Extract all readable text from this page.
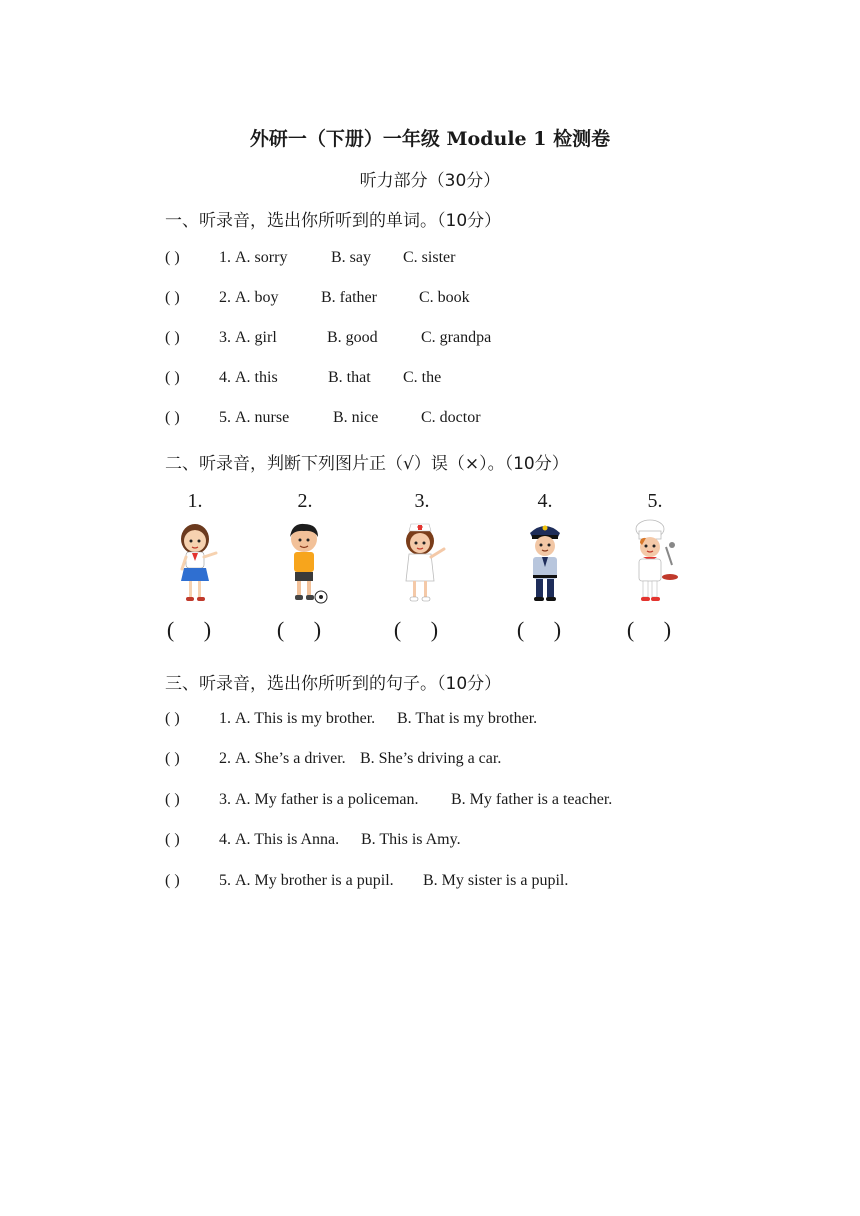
外研一（下册）一年级 Module 1 检测卷
听力部分（30分）
一、听录音，选出你所听到的单词。（10分）
( ) 1. A. sorry	B. say C. sister
( ) 2. A. boy	B. father	C. book
( ) 3. A. girl	B. good	C. grandpa
( ) 4. A. this	B. that C. the
( ) 5. A. nurse	B. nice	C. doctor
二、听录音，判断下列图片正（√）误（×）。（10分）
1.
( )
2.
( )
3.
( )
4.
( )
5.
( )
三、听录音，选出你所听到的句子。（10分）
( ) 1. A. This is my brother. B. That is my brother.
( ) 2. A. She’s a driver. B. She’s driving a car.
( ) 3. A. My father is a policeman. B. My father is a teacher.
( ) 4. A. This is Anna. B. This is Amy.
( ) 5. A. My brother is a pupil. B. My sister is a pupil.
